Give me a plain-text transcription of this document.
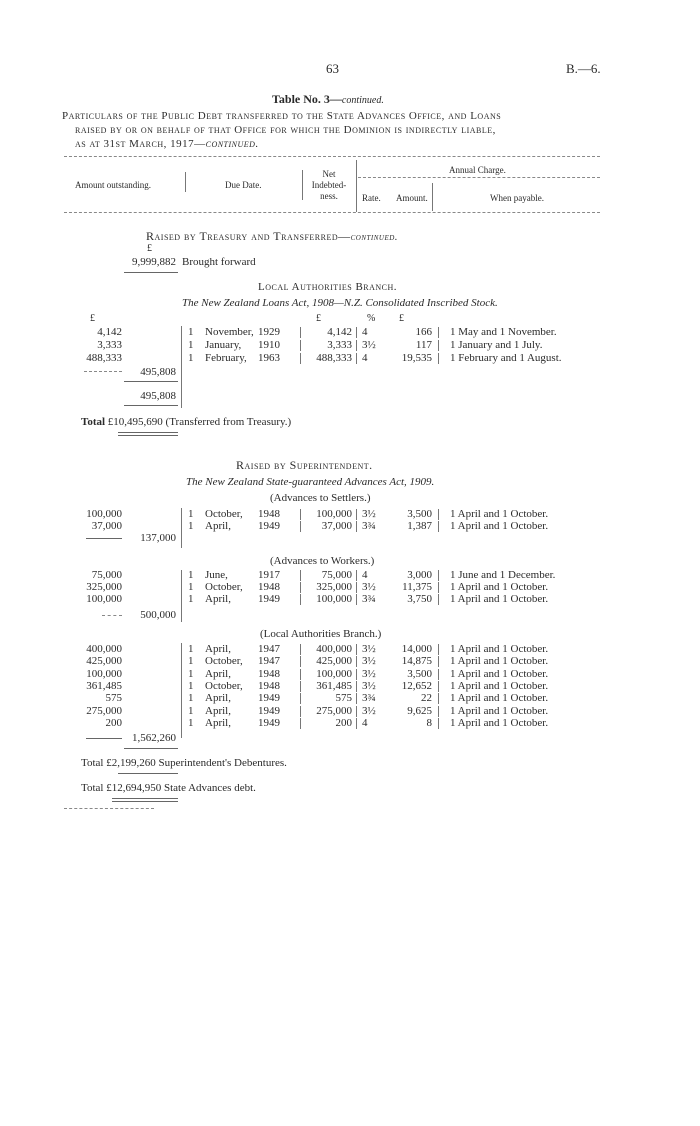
63	B.—6.
Table No. 3—continued.
Particulars of the Public Debt transferred to the State Advances Office, and Loans
raised by or on behalf of that Office for which the Dominion is indirectly liable,
as at 31st March, 1917—continued.
Amount outstanding.	Due Date.
Net
Indebted-
ness.
Annual Charge.
Rate. Amount.	When payable.
Raised by Treasury and Transferred—continued.
£
9,999,882 Brought forward
Local Authorities Branch.
The New Zealand Loans Act, 1908—N.Z. Consolidated Inscribed Stock.
£	£	% £
4,142	1	November, 1929	4,142 4	166 1 May and 1 November.
3,333	1	January,	1910	3,333 3½	117 1 January and 1 July.
488,333	1	February,	1963	488,333 4	19,535 1 February and 1 August.
495,808
495,808
Total £10,495,690 (Transferred from Treasury.)
Raised by Superintendent.
The New Zealand State-guaranteed Advances Act, 1909.
(Advances to Settlers.)
100,000	1	October,	1948	100,000 3½	3,500 1 April and 1 October.
37,000	1	April,	1949	37,000 3¾	1,387 1 April and 1 October.
137,000
(Advances to Workers.)
75,000	1	June,	1917	75,000 4	3,000 1 June and 1 December.
325,000	1	October,	1948	325,000 3½	11,375 1 April and 1 October.
100,000	1	April,	1949	100,000 3¾	3,750 1 April and 1 October.
500,000
(Local Authorities Branch.)
400,000	1	April,	1947	400,000 3½	14,000 1 April and 1 October.
425,000	1	October,	1947	425,000 3½	14,875 1 April and 1 October.
100,000	1	April,	1948	100,000 3½	3,500 1 April and 1 October.
361,485	1	October,	1948	361,485 3½	12,652 1 April and 1 October.
575	1	April,	1949	575 3¾	22 1 April and 1 October.
275,000	1	April,	1949	275,000 3½	9,625 1 April and 1 October.
200	1	April,	1949	200 4	8 1 April and 1 October.
1,562,260
Total £2,199,260 Superintendent's Debentures.
Total £12,694,950 State Advances debt.
